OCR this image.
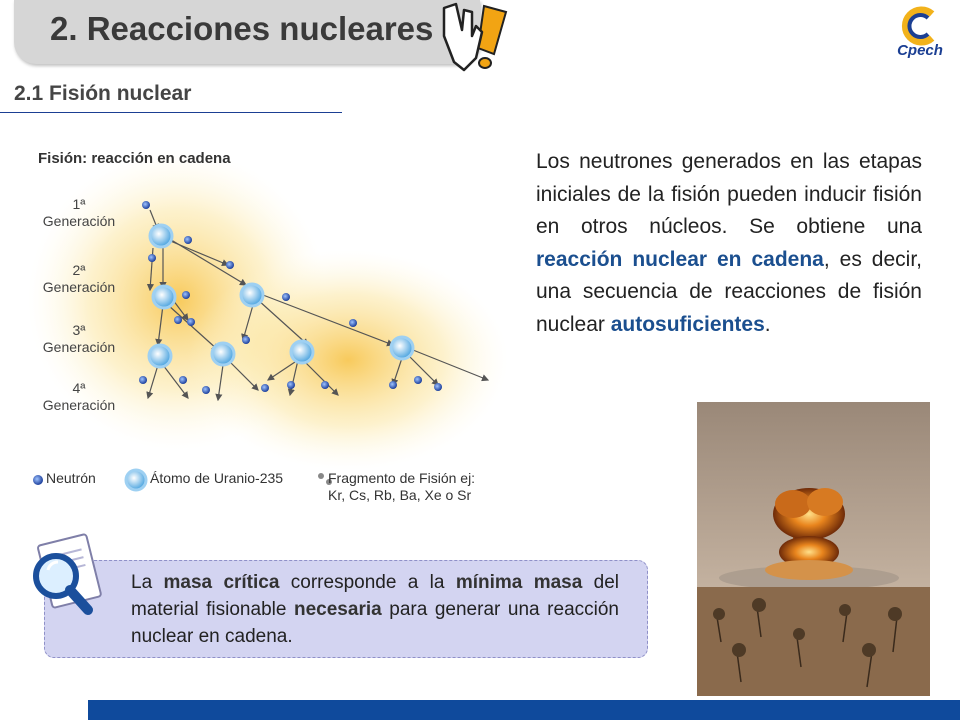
2. Reacciones nucleares
Cpech
2.1 Fisión nuclear
Fisión: reacción en cadena
1ª
Generación
2ª
Generación
3ª
Generación
4ª
Generación
Neutrón	Átomo de Uranio-235	Fragmento de Fisión ej:
Kr, Cs, Rb, Ba, Xe o Sr
Los neutrones generados en las etapas iniciales de la fisión pueden inducir fisión en otros núcleos. Se obtiene una reacción nuclear en cadena, es decir, una secuencia de reacciones de fisión nuclear autosuficientes.
La masa crítica corresponde a la mínima masa del material fisionable necesaria para generar una reacción nuclear en cadena.
